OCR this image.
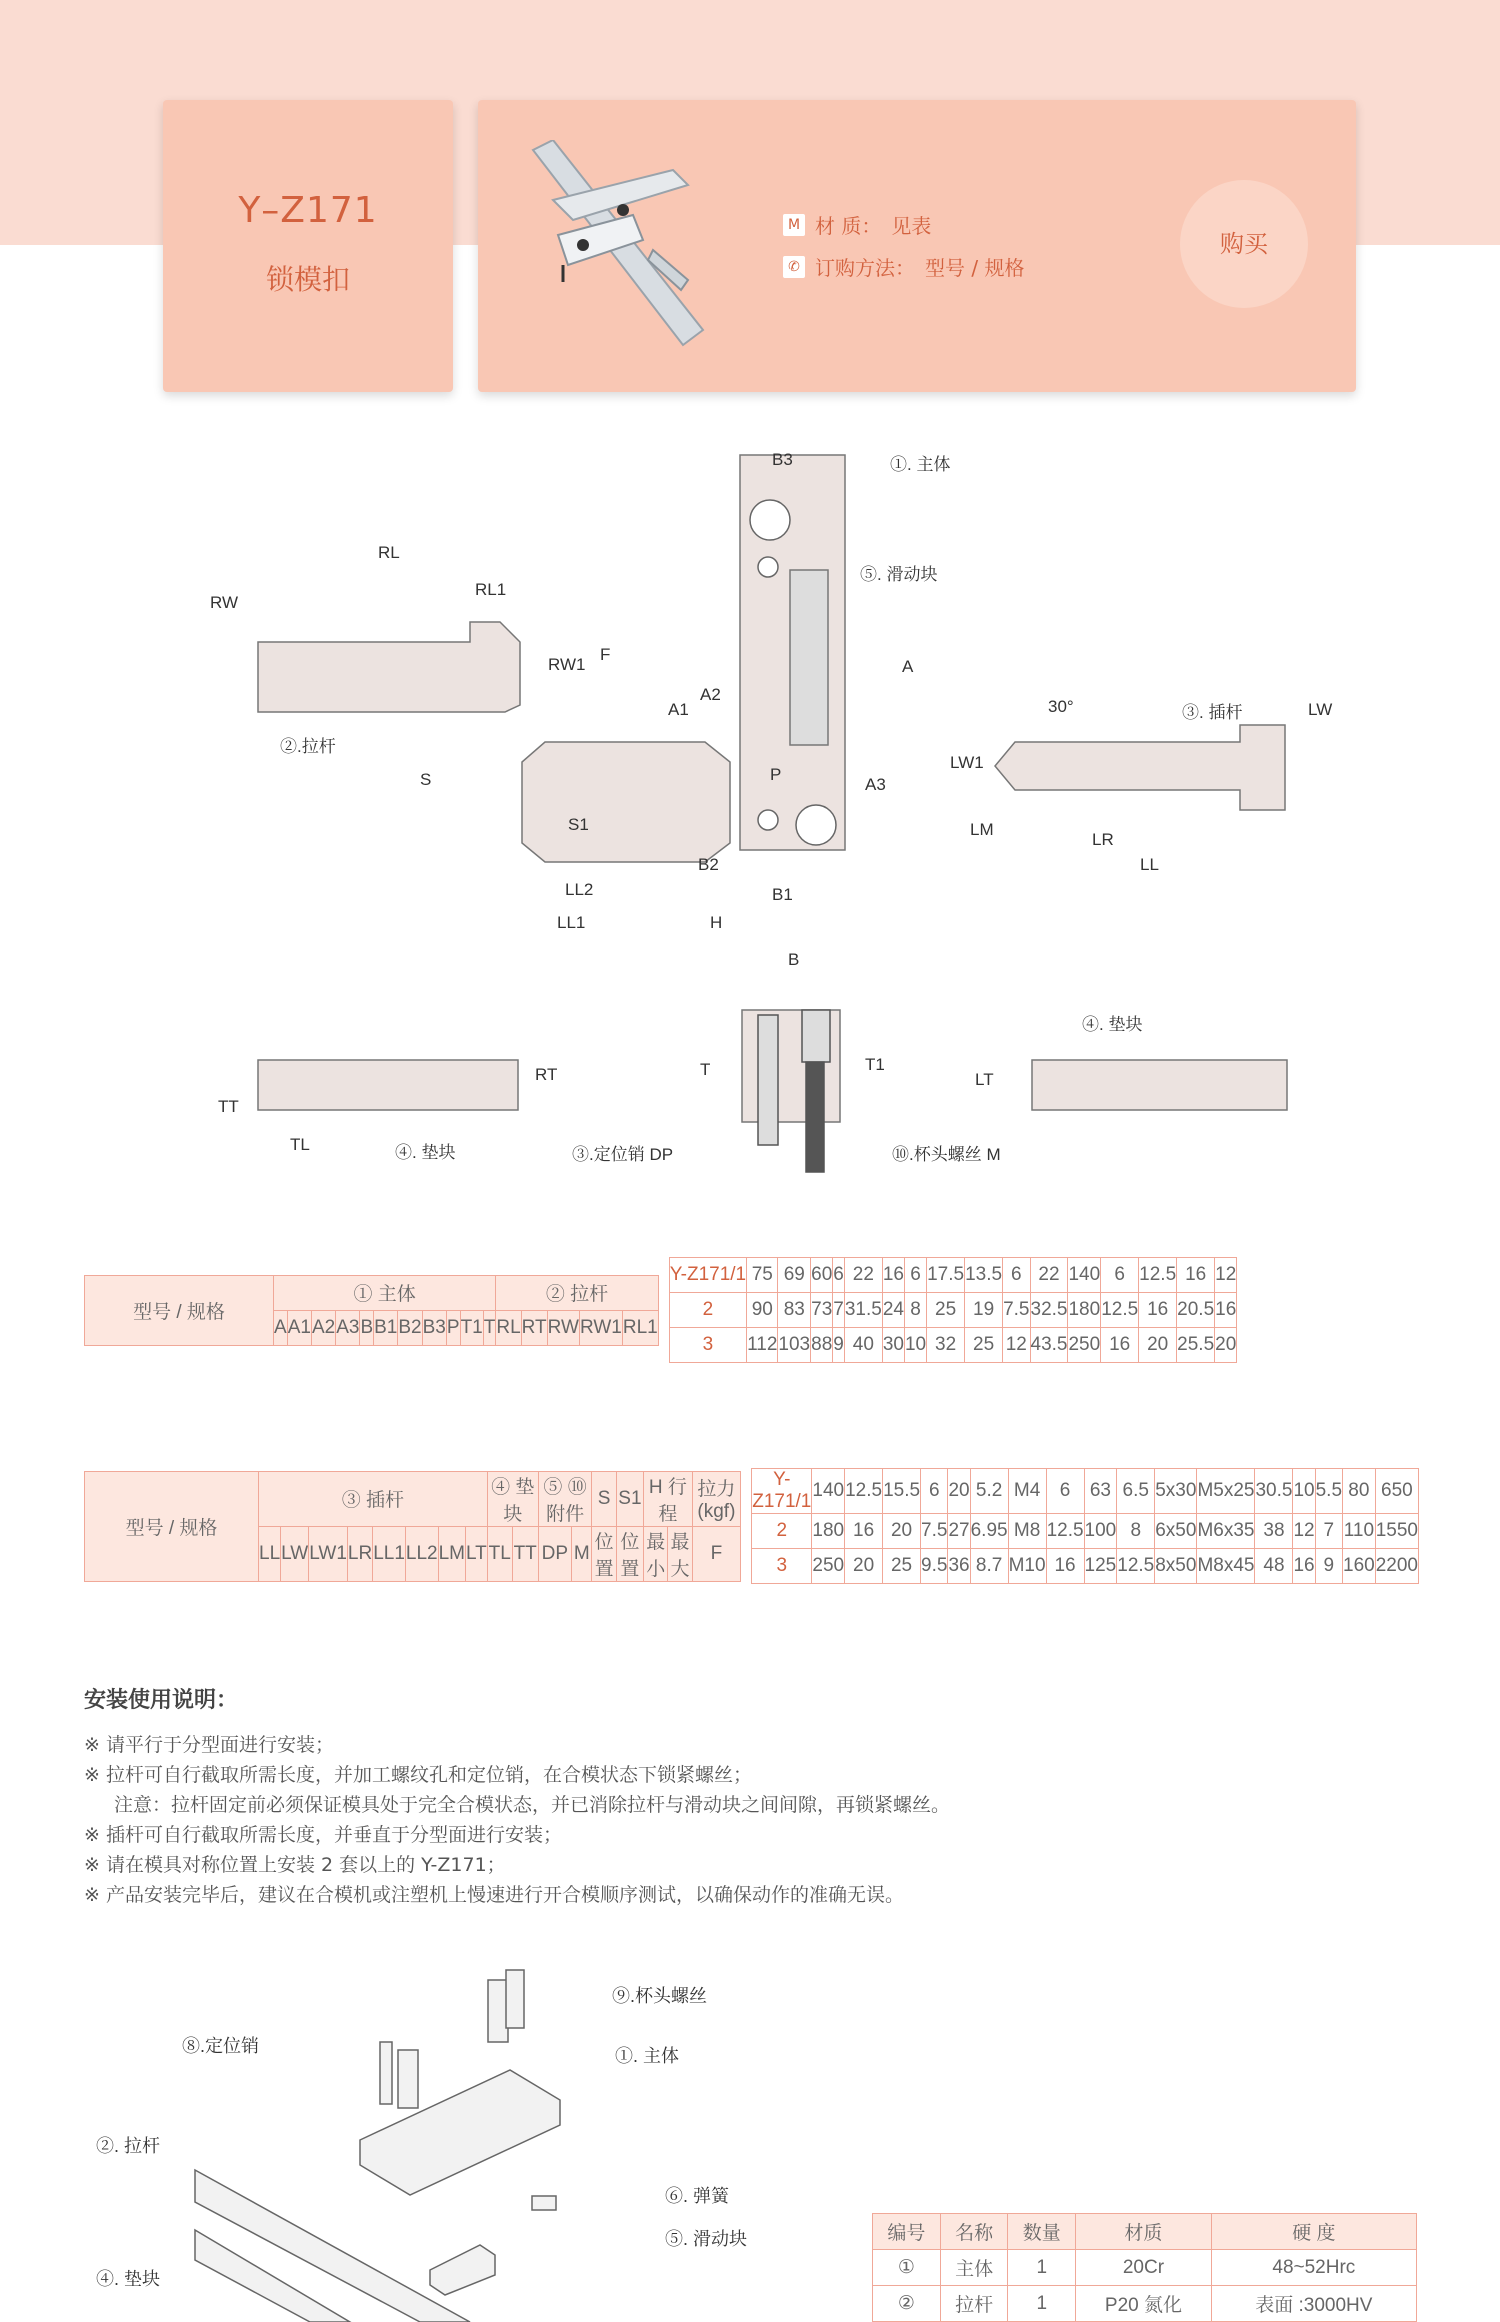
Y–Z171
锁模扣
M 材 质： 见表
✆ 订购方法： 型号 / 规格
购买
①. 主体
⑤. 滑动块
②.拉杆
③. 插杆
④. 垫块
④. 垫块
③.定位销 DP	⑩.杯头螺丝 M
30°
B3
RL
RL1
RW
RW1
F
A1
A2
A
S
S1
P
A3
B2
B1
LL2
LL1	H
B
LW
LW1
LM
LR
LL
TT
TL
RT	T	T1
LT
型号 / 规格	① 主体	② 拉杆
A	A1	A2	A3	B	B1	B2	B3	P	T1	T	RL	RT	RW	RW1	RL1
Y-Z171/1	75	69	60	6	22	16	6	17.5	13.5	6	22	140	6	12.5	16	12
2	90	83	73	7	31.5	24	8	25	19	7.5	32.5	180	12.5	16	20.5	16
3	112	103	88	9	40	30	10	32	25	12	43.5	250	16	20	25.5	20
型号 / 规格	③ 插杆	④ 垫块	⑤ ⑩ 附件	S	S1	H 行程	拉力 (kgf)
LL	LW	LW1	LR	LL1	LL2	LM	LT	TL	TT	DP	M	位置	位置	最小	最大	F
Y-Z171/1	140	12.5	15.5	6	20	5.2	M4	6	63	6.5	5x30	M5x25	30.5	10	5.5	80	650
2	180	16	20	7.5	27	6.95	M8	12.5	100	8	6x50	M6x35	38	12	7	110	1550
3	250	20	25	9.5	36	8.7	M10	16	125	12.5	8x50	M8x45	48	16	9	160	2200
安装使用说明：
※ 请平行于分型面进行安装；
※ 拉杆可自行截取所需长度，并加工螺纹孔和定位销，在合模状态下锁紧螺丝；
注意：拉杆固定前必须保证模具处于完全合模状态，并已消除拉杆与滑动块之间间隙，再锁紧螺丝。
※ 插杆可自行截取所需长度，并垂直于分型面进行安装；
※ 请在模具对称位置上安装 2 套以上的 Y-Z171；
※ 产品安装完毕后，建议在合模机或注塑机上慢速进行开合模顺序测试，以确保动作的准确无误。
⑨.杯头螺丝
⑧.定位销	①. 主体
②. 拉杆
⑥. 弹簧
⑤. 滑动块
④. 垫块
编号	名称	数量	材质	硬 度
①	主体	1	20Cr	48~52Hrc
②	拉杆	1	P20 氮化	表面 :3000HV
